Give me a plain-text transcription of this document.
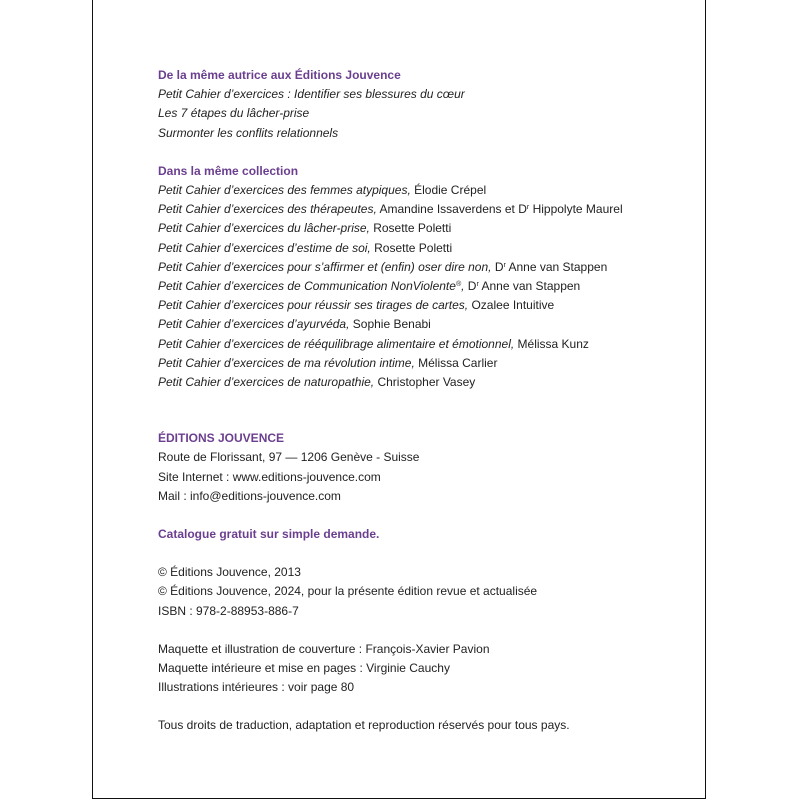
De la même autrice aux Éditions Jouvence
Petit Cahier d’exercices : Identifier ses blessures du cœur
Les 7 étapes du lâcher-prise
Surmonter les conflits relationnels
Dans la même collection
Petit Cahier d’exercices des femmes atypiques, Élodie Crépel
Petit Cahier d’exercices des thérapeutes, Amandine Issaverdens et $D^r$ Hippolyte Maurel
Petit Cahier d’exercices du lâcher-prise, Rosette Poletti
Petit Cahier d’exercices d’estime de soi, Rosette Poletti
Petit Cahier d’exercices pour s’affirmer et (enfin) oser dire non, $D^r$ Anne van Stappen
Petit Cahier d’exercices de Communication NonViolente®, $D^r$ Anne van Stappen
Petit Cahier d’exercices pour réussir ses tirages de cartes, Ozalee Intuitive
Petit Cahier d’exercices d’ayurvéda, Sophie Benabi
Petit Cahier d’exercices de rééquilibrage alimentaire et émotionnel, Mélissa Kunz
Petit Cahier d’exercices de ma révolution intime, Mélissa Carlier
Petit Cahier d’exercices de naturopathie, Christopher Vasey
ÉDITIONS JOUVENCE
Route de Florissant, 97 — 1206 Genève - Suisse
Site Internet : www.editions-jouvence.com
Mail : info@editions-jouvence.com
Catalogue gratuit sur simple demande.
© Éditions Jouvence, 2013
© Éditions Jouvence, 2024, pour la présente édition revue et actualisée
ISBN : 978-2-88953-886-7
Maquette et illustration de couverture : François-Xavier Pavion
Maquette intérieure et mise en pages : Virginie Cauchy
Illustrations intérieures : voir page 80
Tous droits de traduction, adaptation et reproduction réservés pour tous pays.
